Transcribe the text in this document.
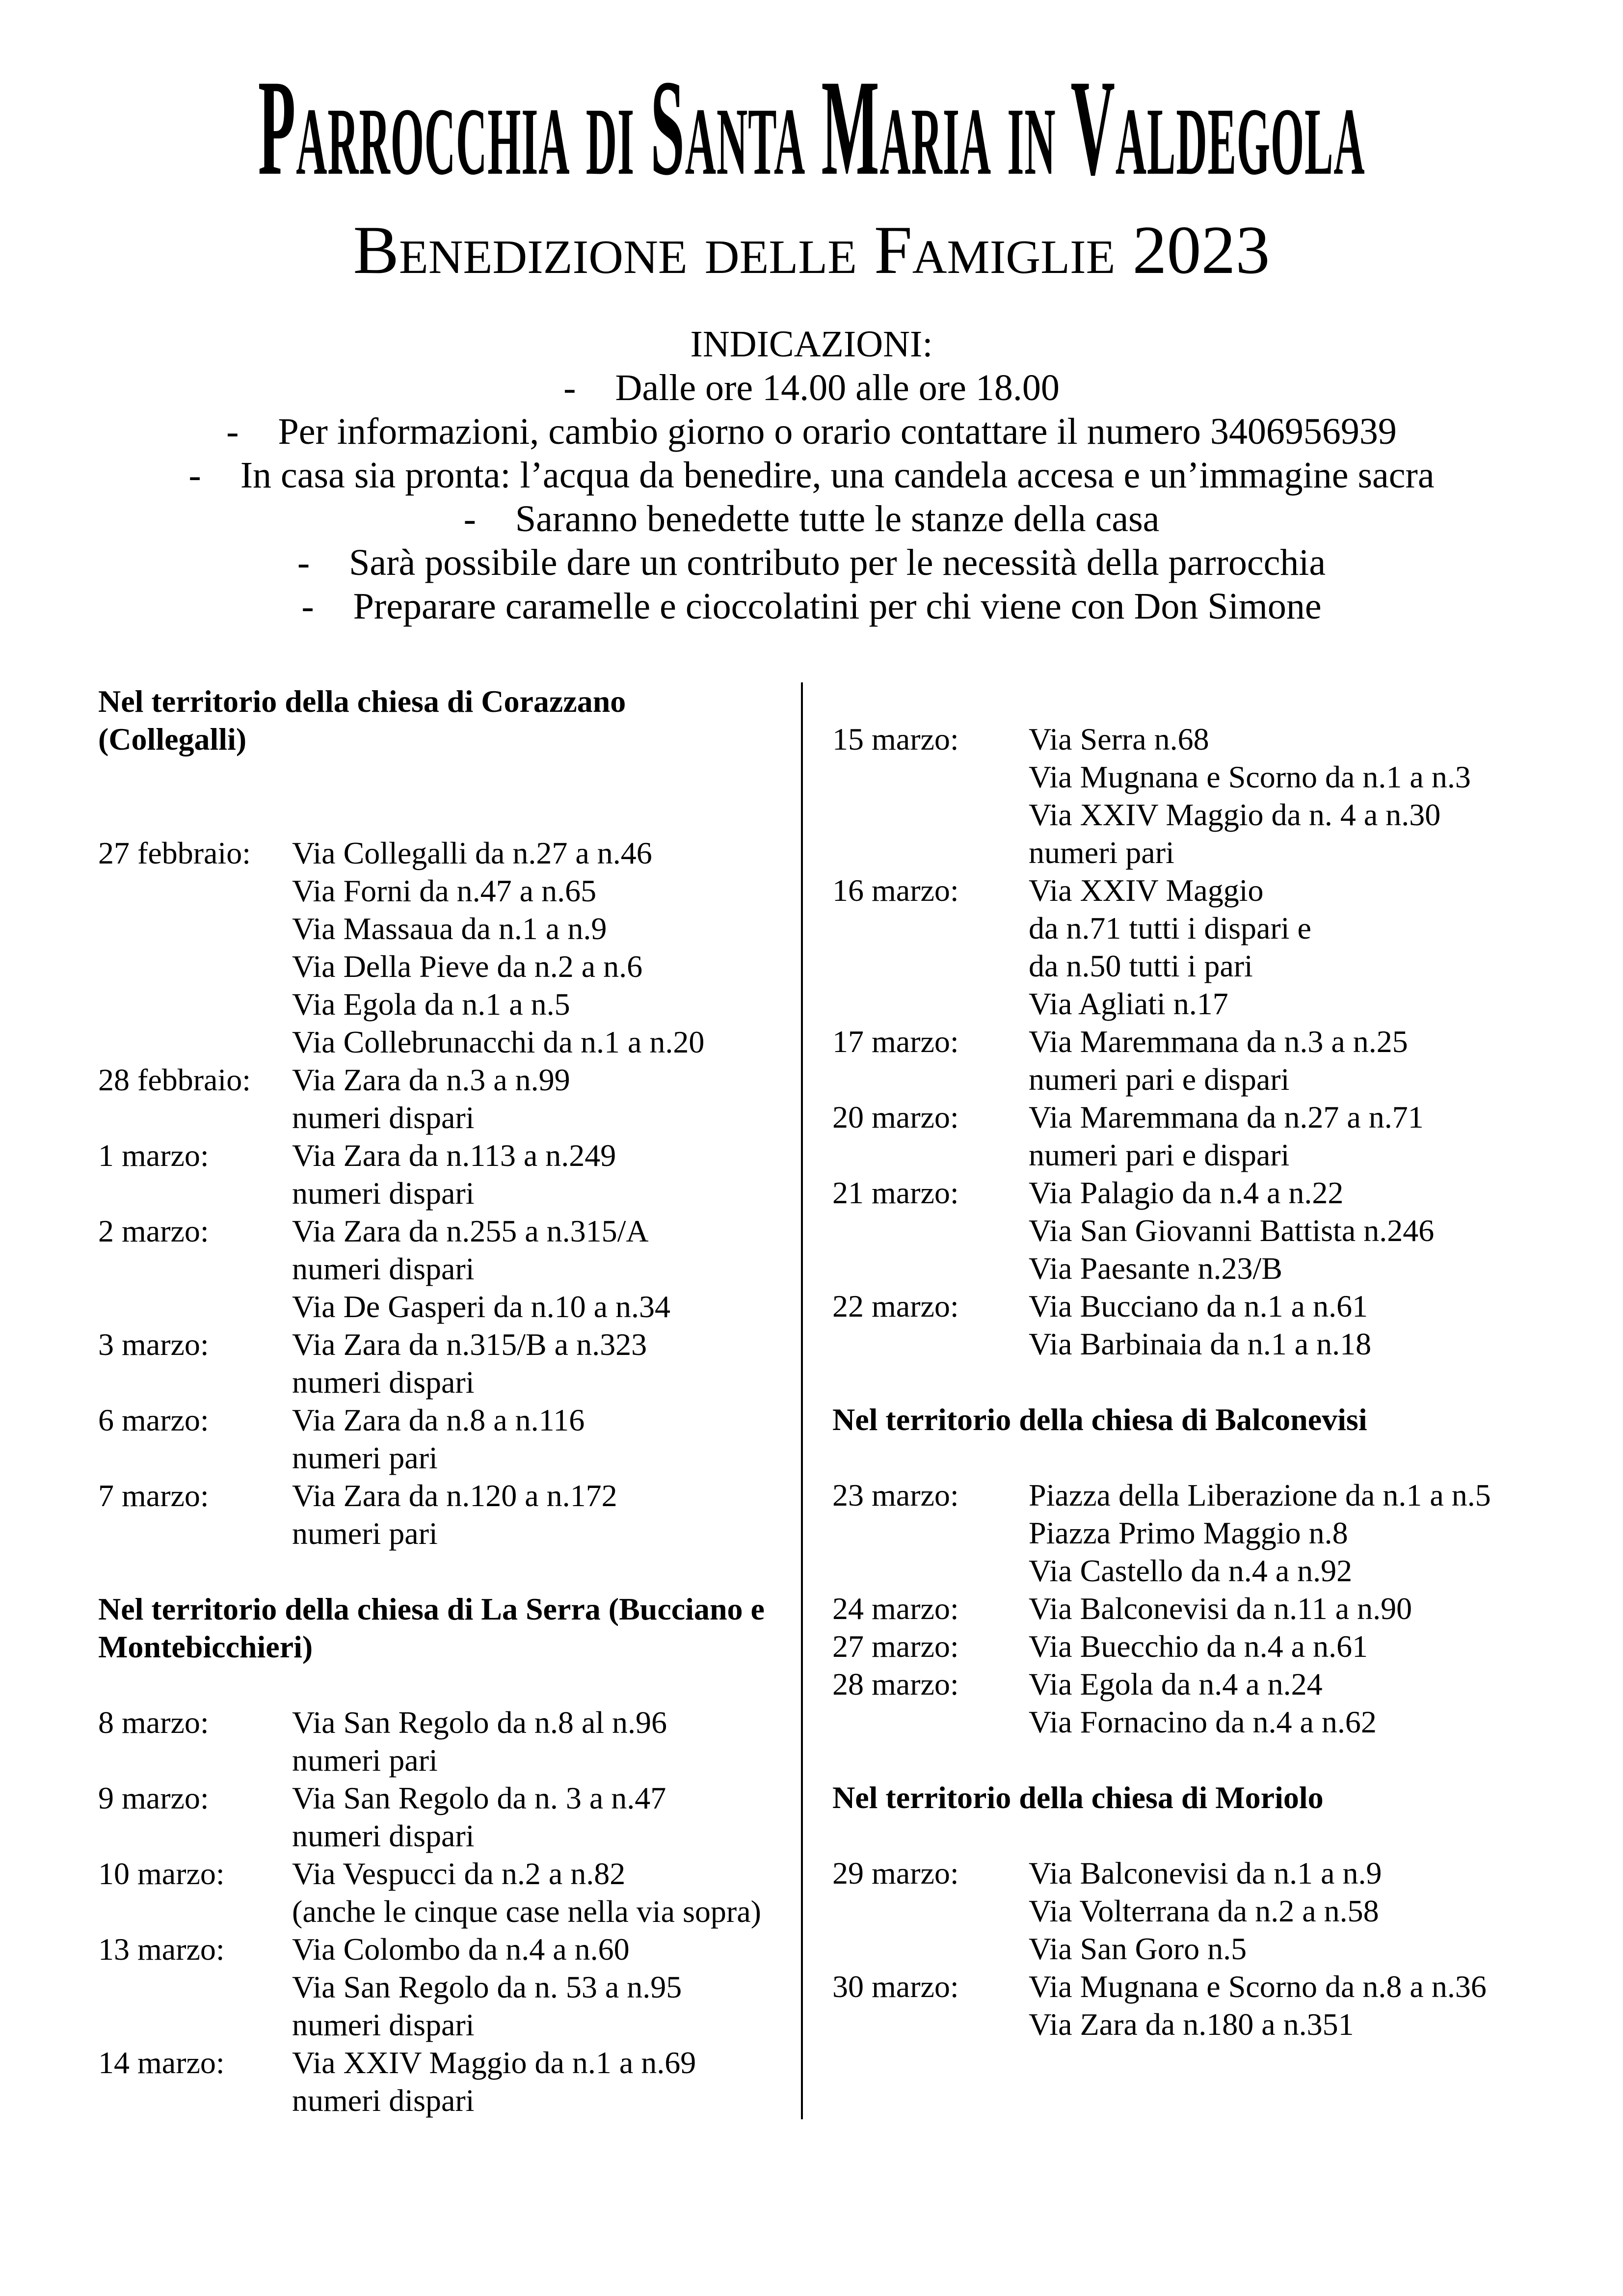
Parrocchia di Santa Maria in Valdegola
Benedizione delle Famiglie 2023
INDICAZIONI:
- Dalle ore 14.00 alle ore 18.00
- Per informazioni, cambio giorno o orario contattare il numero 3406956939
- In casa sia pronta: l’acqua da benedire, una candela accesa e un’immagine sacra
- Saranno benedette tutte le stanze della casa
- Sarà possibile dare un contributo per le necessità della parrocchia
- Preparare caramelle e cioccolatini per chi viene con Don Simone
Nel territorio della chiesa di Corazzano (Collegalli)
27 febbraio:	Via Collegalli da n.27 a n.46
Via Forni da n.47 a n.65
Via Massaua da n.1 a n.9
Via Della Pieve da n.2 a n.6
Via Egola da n.1 a n.5
Via Collebrunacchi da n.1 a n.20
28 febbraio:	Via Zara da n.3 a n.99
numeri dispari
1 marzo:	Via Zara da n.113 a n.249
numeri dispari
2 marzo:	Via Zara da n.255 a n.315/A
numeri dispari
Via De Gasperi da n.10 a n.34
3 marzo:	Via Zara da n.315/B a n.323
numeri dispari
6 marzo:	Via Zara da n.8 a n.116
numeri pari
7 marzo:	Via Zara da n.120 a n.172
numeri pari
Nel territorio della chiesa di La Serra (Bucciano e Montebicchieri)
8 marzo:	Via San Regolo da n.8 al n.96
numeri pari
9 marzo:	Via San Regolo da n. 3 a n.47
numeri dispari
10 marzo:	Via Vespucci da n.2 a n.82
(anche le cinque case nella via sopra)
13 marzo:	Via Colombo da n.4 a n.60
Via San Regolo da n. 53 a n.95
numeri dispari
14 marzo:	Via XXIV Maggio da n.1 a n.69
numeri dispari
15 marzo:	Via Serra n.68
Via Mugnana e Scorno da n.1 a n.3
Via XXIV Maggio da n. 4 a n.30
numeri pari
16 marzo:	Via XXIV Maggio
da n.71 tutti i dispari e
da n.50 tutti i pari
Via Agliati n.17
17 marzo:	Via Maremmana da n.3 a n.25
numeri pari e dispari
20 marzo:	Via Maremmana da n.27 a n.71
numeri pari e dispari
21 marzo:	Via Palagio da n.4 a n.22
Via San Giovanni Battista n.246
Via Paesante n.23/B
22 marzo:	Via Bucciano da n.1 a n.61
Via Barbinaia da n.1 a n.18
Nel territorio della chiesa di Balconevisi
23 marzo:	Piazza della Liberazione da n.1 a n.5
Piazza Primo Maggio n.8
Via Castello da n.4 a n.92
24 marzo:	Via Balconevisi da n.11 a n.90
27 marzo:	Via Buecchio da n.4 a n.61
28 marzo:	Via Egola da n.4 a n.24
Via Fornacino da n.4 a n.62
Nel territorio della chiesa di Moriolo
29 marzo:	Via Balconevisi da n.1 a n.9
Via Volterrana da n.2 a n.58
Via San Goro n.5
30 marzo:	Via Mugnana e Scorno da n.8 a n.36
Via Zara da n.180 a n.351
